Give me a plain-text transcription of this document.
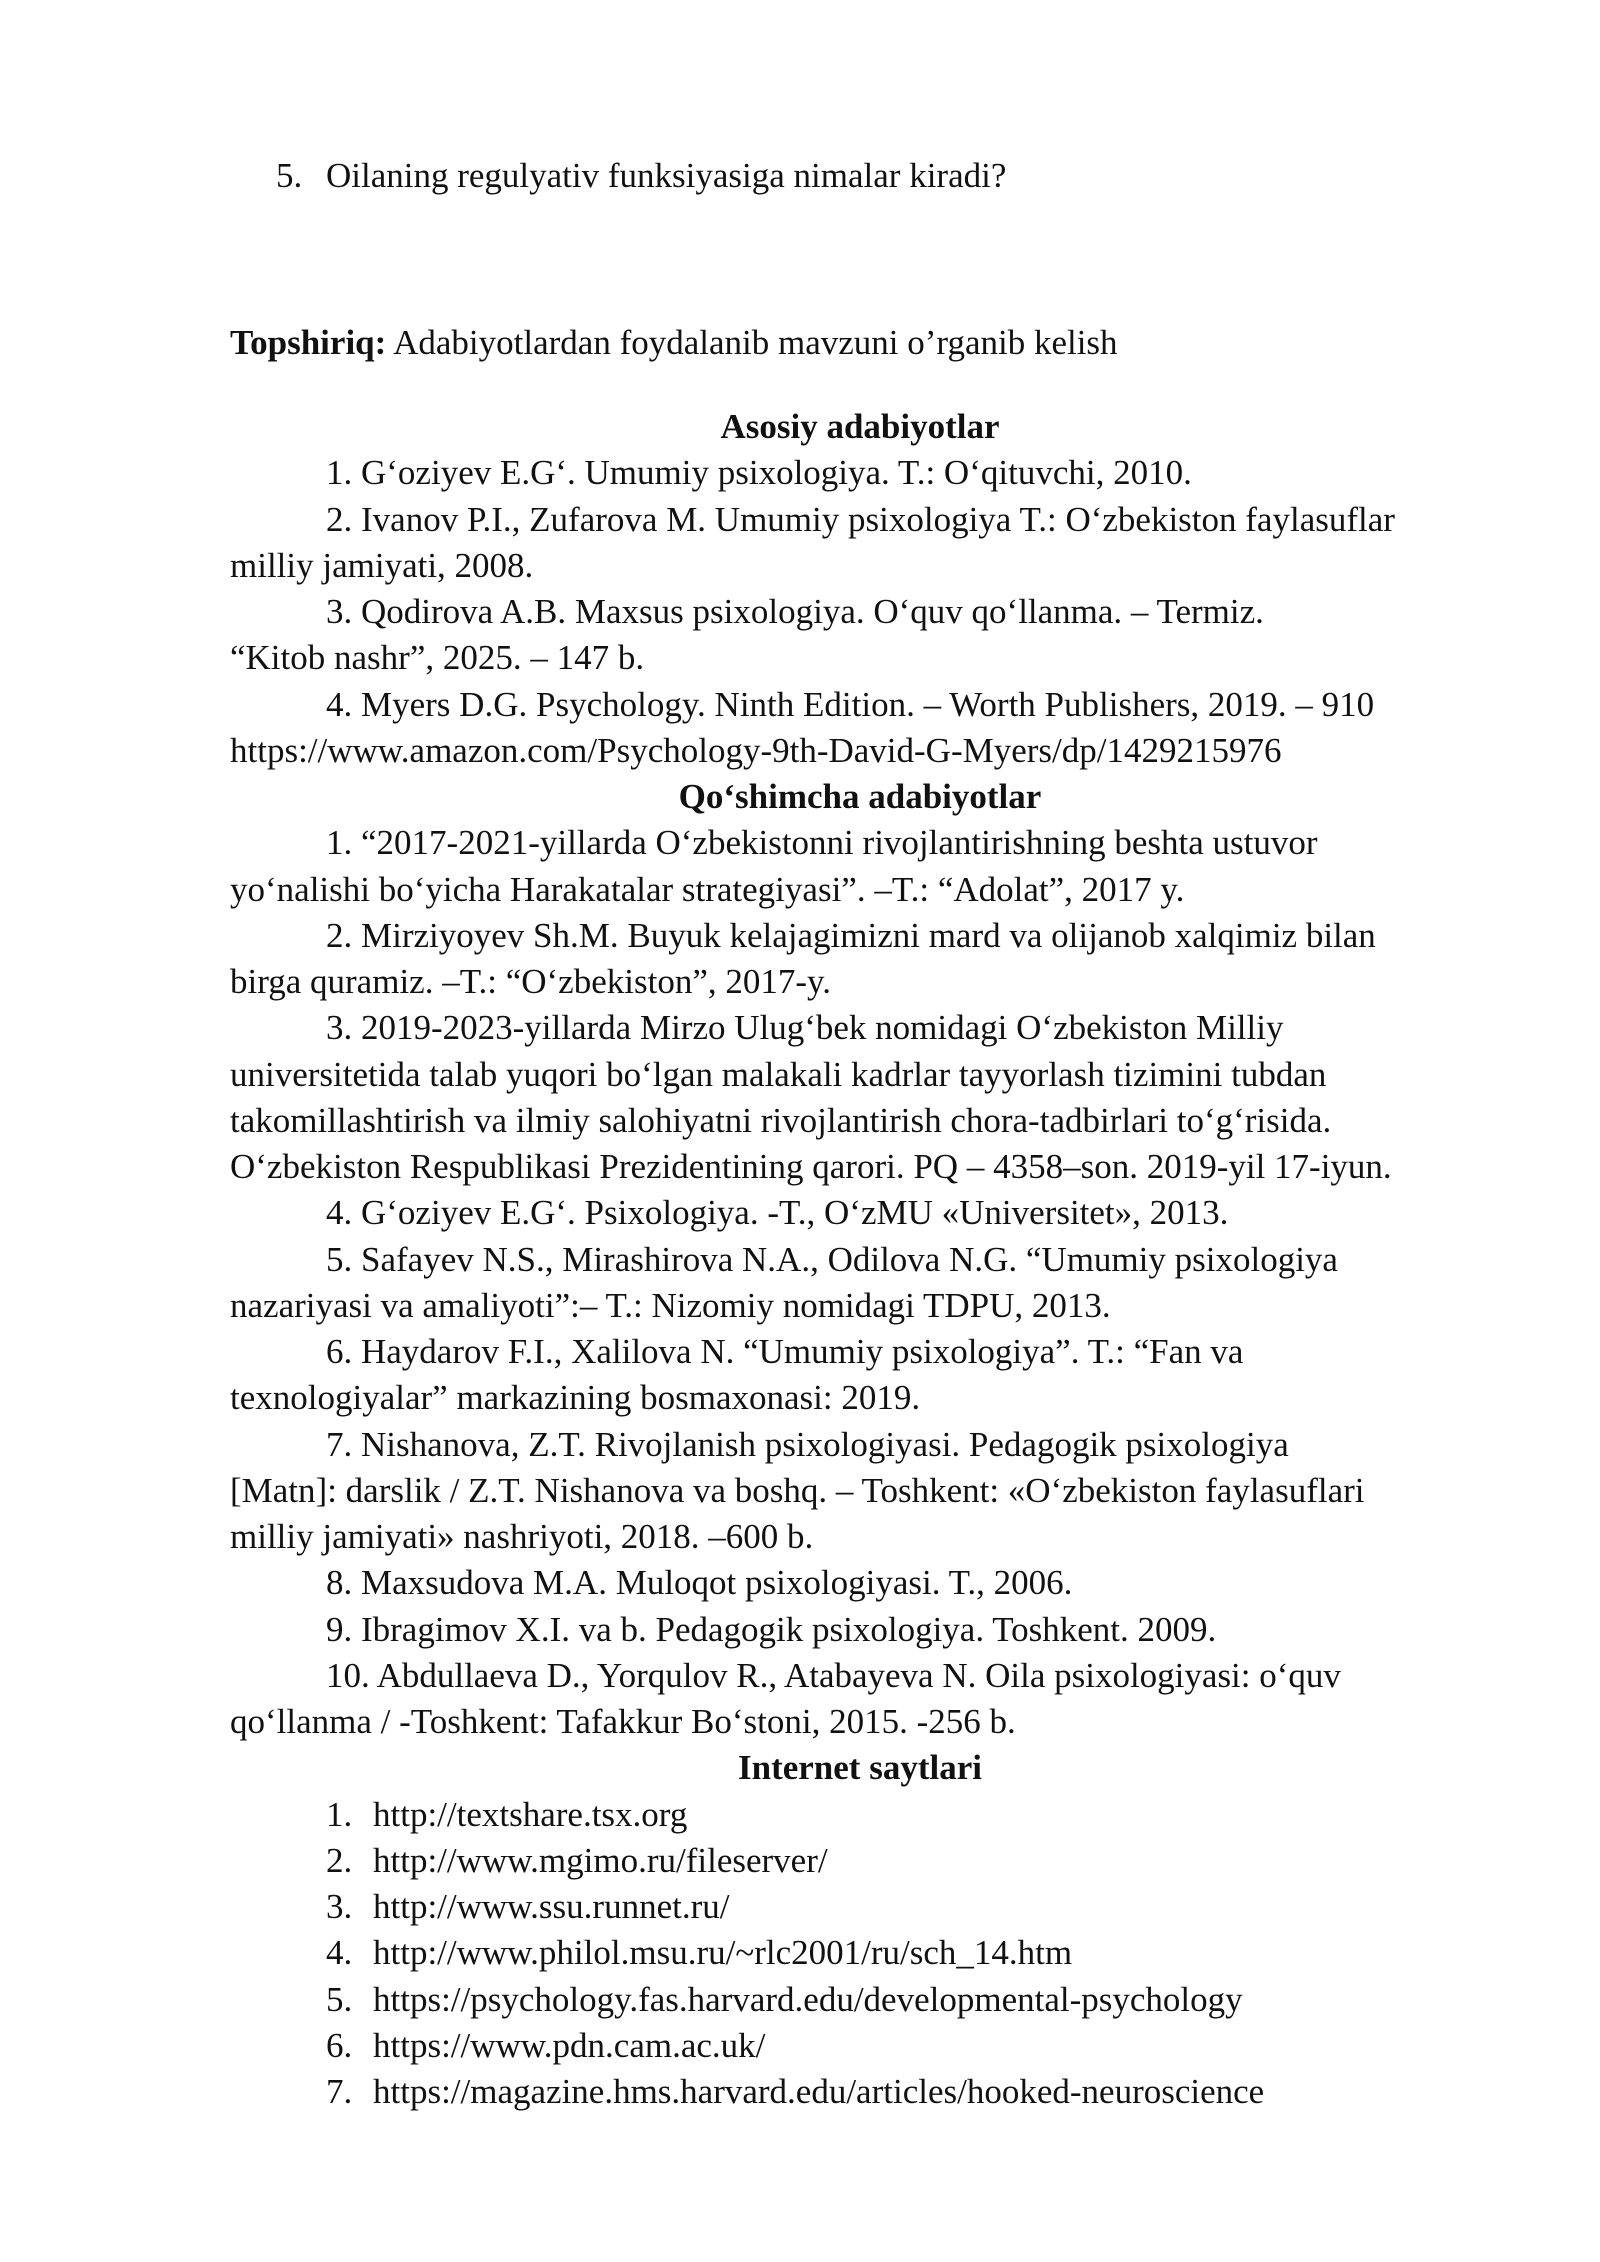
5. Oilaning regulyativ funksiyasiga nimalar kiradi?
Topshiriq: Adabiyotlardan foydalanib mavzuni o’rganib kelish
Asosiy adabiyotlar
1. G‘oziyev E.G‘. Umumiy psixologiya. T.: O‘qituvchi, 2010.
2. Ivanov P.I., Zufarova M. Umumiy psixologiya T.: O‘zbekiston faylasuflar
milliy jamiyati, 2008.
3. Qodirova A.B. Maxsus psixologiya. O‘quv qo‘llanma. – Termiz.
“Kitob nashr”, 2025. – 147 b.
4. Myers D.G. Psychology. Ninth Edition. – Worth Publishers, 2019. – 910
https://www.amazon.com/Psychology-9th-David-G-Myers/dp/1429215976
Qo‘shimcha adabiyotlar
1. “2017-2021-yillarda O‘zbekistonni rivojlantirishning beshta ustuvor
yo‘nalishi bo‘yicha Harakatalar strategiyasi”. –T.: “Adolat”, 2017 y.
2. Mirziyoyev Sh.M. Buyuk kelajagimizni mard va olijanob xalqimiz bilan
birga quramiz. –T.: “O‘zbekiston”, 2017-y.
3. 2019-2023-yillarda Mirzo Ulug‘bek nomidagi O‘zbekiston Milliy
universitetida talab yuqori bo‘lgan malakali kadrlar tayyorlash tizimini tubdan
takomillashtirish va ilmiy salohiyatni rivojlantirish chora-tadbirlari to‘g‘risida.
O‘zbekiston Respublikasi Prezidentining qarori. PQ – 4358–son. 2019-yil 17-iyun.
4. G‘oziyev E.G‘. Psixologiya. -T., O‘zMU «Universitet», 2013.
5. Safayev N.S., Mirashirova N.A., Odilova N.G. “Umumiy psixologiya
nazariyasi va amaliyoti”:– T.: Nizomiy nomidagi TDPU, 2013.
6. Haydarov F.I., Xalilova N. “Umumiy psixologiya”. T.: “Fan va
texnologiyalar” markazining bosmaxonasi: 2019.
7. Nishanova, Z.T. Rivojlanish psixologiyasi. Pedagogik psixologiya
[Matn]: darslik / Z.T. Nishanova va boshq. – Toshkent: «O‘zbekiston faylasuflari
milliy jamiyati» nashriyoti, 2018. –600 b.
8. Maxsudova M.A. Muloqot psixologiyasi. T., 2006.
9. Ibragimov X.I. va b. Pedagogik psixologiya. Toshkent. 2009.
10. Abdullaeva D., Yorqulov R., Atabayeva N. Oila psixologiyasi: o‘quv
qo‘llanma / -Toshkent: Tafakkur Bo‘stoni, 2015. -256 b.
Internet saytlari
1. http://textshare.tsx.org
2. http://www.mgimo.ru/fileserver/
3. http://www.ssu.runnet.ru/
4. http://www.philol.msu.ru/~rlc2001/ru/sch_14.htm
5. https://psychology.fas.harvard.edu/developmental-psychology
6. https://www.pdn.cam.ac.uk/
7. https://magazine.hms.harvard.edu/articles/hooked-neuroscience
